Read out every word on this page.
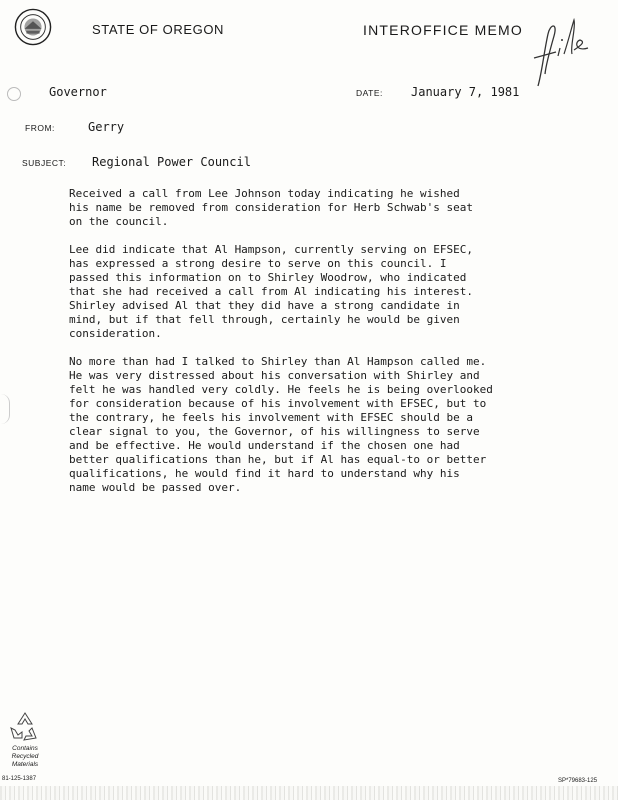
STATE OF OREGON	INTEROFFICE MEMO
Governor	DATE: January 7, 1981
FROM:	Gerry
SUBJECT: Regional Power Council

Received a call from Lee Johnson today indicating he wished
his name be removed from consideration for Herb Schwab's seat
on the council.

Lee did indicate that Al Hampson, currently serving on EFSEC,
has expressed a strong desire to serve on this council. I
passed this information on to Shirley Woodrow, who indicated
that she had received a call from Al indicating his interest.
Shirley advised Al that they did have a strong candidate in
mind, but if that fell through, certainly he would be given
consideration.

No more than had I talked to Shirley than Al Hampson called me.
He was very distressed about his conversation with Shirley and
felt he was handled very coldly. He feels he is being overlooked
for consideration because of his involvement with EFSEC, but to
the contrary, he feels his involvement with EFSEC should be a
clear signal to you, the Governor, of his willingness to serve
and be effective. He would understand if the chosen one had
better qualifications than he, but if Al has equal-to or better
qualifications, he would find it hard to understand why his
name would be passed over.

Contains
Recycled
Materials
81-125-1387	SP*79683-125
